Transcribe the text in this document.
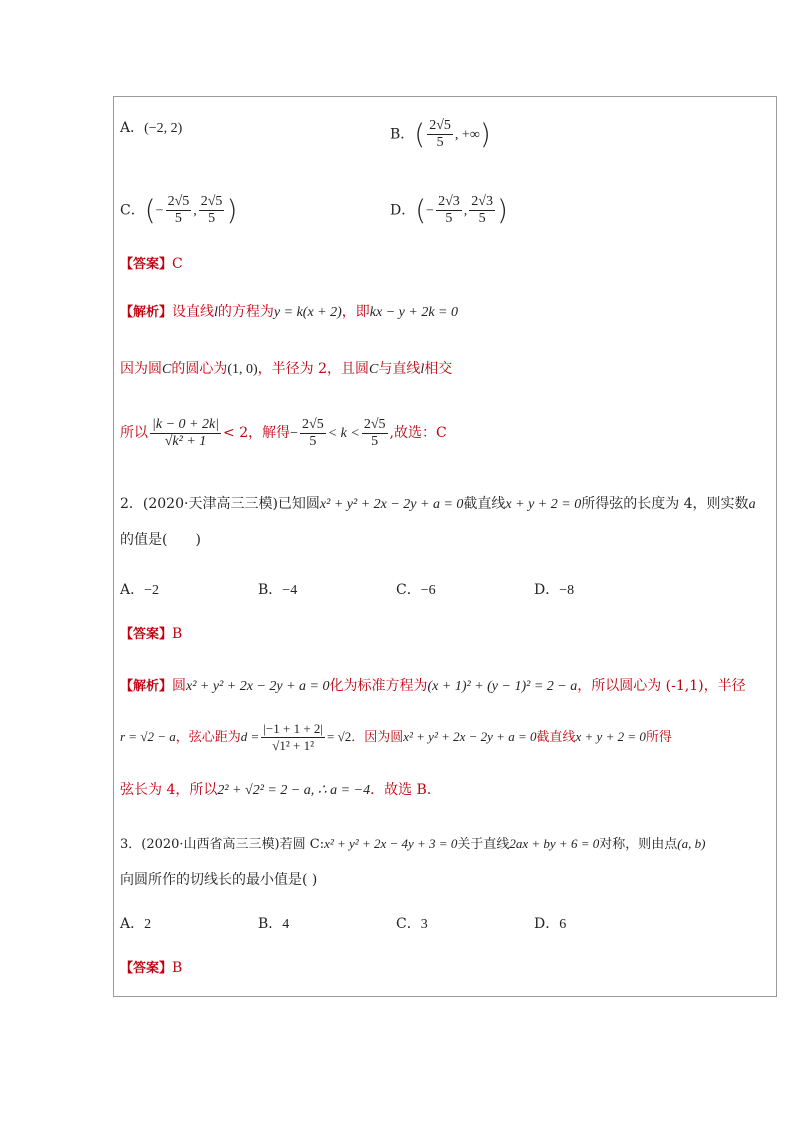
A．(−2, 2)	B．( $\frac{2√5}{5}$ , +∞)
C．(− $\frac{2√5}{5}$ , $\frac{2√5}{5}$ )	D．(− $\frac{2√3}{5}$ , $\frac{2√3}{5}$ )
【答案】C
【解析】设直线l的方程为y = k(x + 2)，即kx − y + 2k = 0
因为圆C的圆心为(1, 0)，半径为 2，且圆C与直线l相交
所以 $\frac{|k - 0 + 2k|}{\text{√k² + 1}} < 2$，解得− $\frac{2√5}{5} < k < \frac{2√5}{5}$ ,故选：C
2．(2020·天津高三三模)已知圆x² + y² + 2x − 2y + a = 0截直线x + y + 2 = 0所得弦的长度为 4，则实数a
的值是(　　)
A．−2	B．−4	C．−6	D．−8
【答案】B
【解析】圆x² + y² + 2x − 2y + a = 0化为标准方程为(x + 1)² + (y − 1)² = 2 − a，所以圆心为 (-1,1)，半径
r = √2 − a，弦心距为$d = \frac{|-1 + 1 + 2|}{\text{√1² + 1²}} = √2$．因为圆x² + y² + 2x − 2y + a = 0截直线x + y + 2 = 0所得
弦长为 4，所以2² + √2² = 2 − a, ∴ a = −4．故选 B．
3．(2020·山西省高三三模)若圆 C:x² + y² + 2x − 4y + 3 = 0关于直线2ax + by + 6 = 0对称，则由点(a, b)
向圆所作的切线长的最小值是( )
A．2	B．4	C．3	D．6
【答案】B
